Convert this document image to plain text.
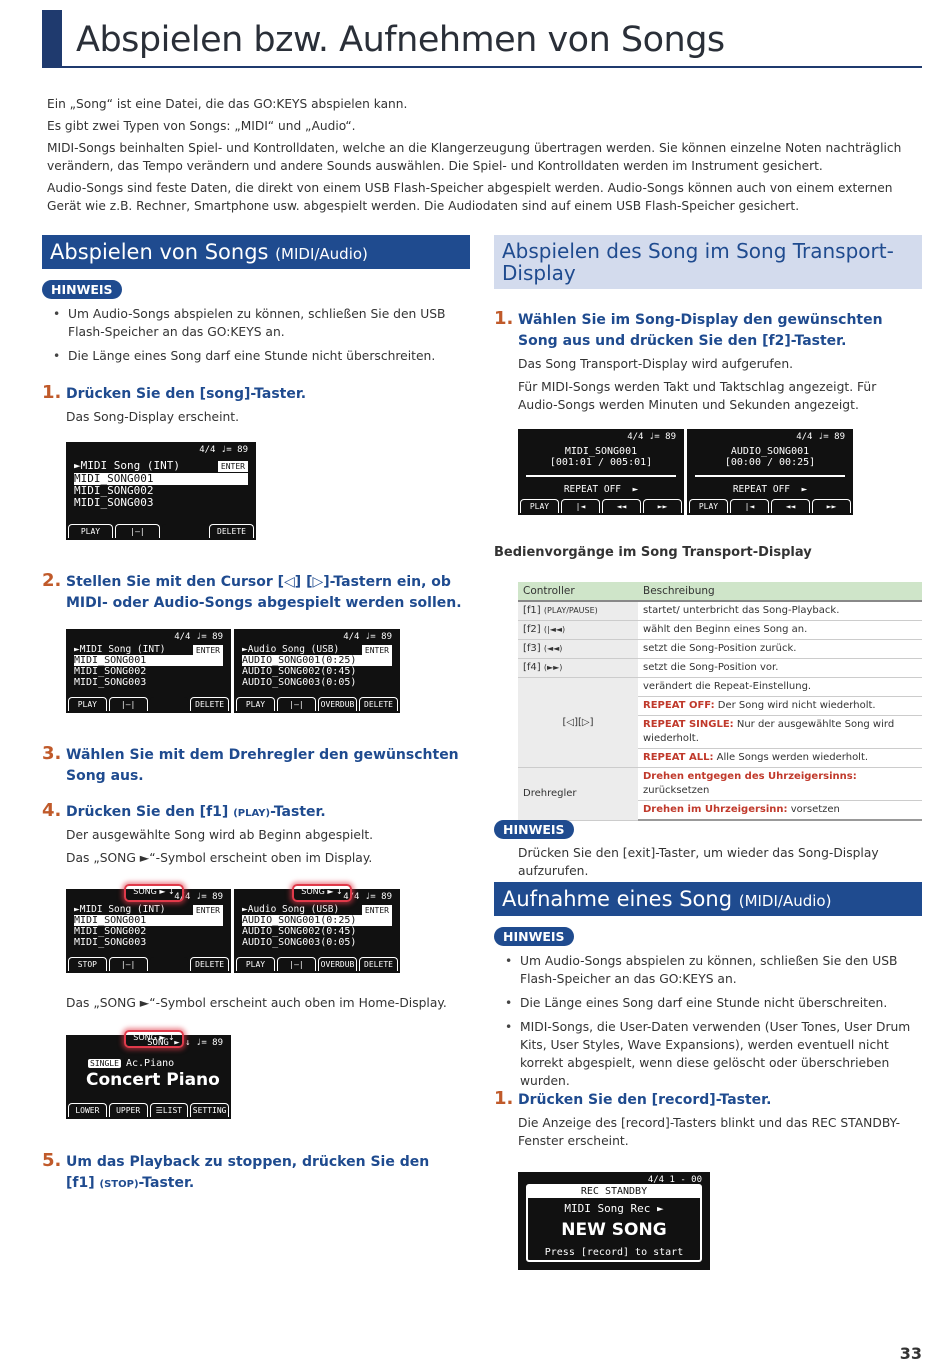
Abspielen bzw. Aufnehmen von Songs

Ein „Song“ ist eine Datei, die das GO:KEYS abspielen kann.

Es gibt zwei Typen von Songs: „MIDI“ und „Audio“.

MIDI-Songs beinhalten Spiel- und Kontrolldaten, welche an die Klangerzeugung übertragen werden. Sie können einzelne Noten nachträglich verändern, das Tempo verändern und andere Sounds auswählen. Die Spiel- und Kontrolldaten werden im Instrument gesichert.

Audio-Songs sind feste Daten, die direkt von einem USB Flash-Speicher abgespielt werden. Audio-Songs können auch von einem externen Gerät wie z.B. Rechner, Smartphone usw. abgespielt werden. Die Audiodaten sind auf einem USB Flash-Speicher gesichert.

Abspielen von Songs (MIDI/Audio)
HINWEIS
• Um Audio-Songs abspielen zu können, schließen Sie den USB Flash-Speicher an das GO:KEYS an.
• Die Länge eines Song darf eine Stunde nicht überschreiten.
1. Drücken Sie den [song]-Taster.
Das Song-Display erscheint.
4/4 ♩= 89
►MIDI Song (INT)	ENTER
MIDI_SONG001
MIDI_SONG002
MIDI_SONG003
PLAY	|—|	DELETE
2. Stellen Sie mit den Cursor [◁] [▷]-Tastern ein, ob MIDI- oder Audio-Songs abgespielt werden sollen.
4/4 ♩= 89
►MIDI Song (INT)	ENTER
MIDI_SONG001
MIDI_SONG002
MIDI_SONG003
PLAY	|—|	DELETE
4/4 ♩= 89
►Audio Song (USB)	ENTER
AUDIO_SONG001(0:25)
AUDIO_SONG002(0:45)
AUDIO_SONG003(0:05)
PLAY	|—|	OVERDUB	DELETE
3. Wählen Sie mit dem Drehregler den gewünschten Song aus.
4. Drücken Sie den [f1] (PLAY)-Taster.
Der ausgewählte Song wird ab Beginn abgespielt.
Das „SONG ►“-Symbol erscheint oben im Display.
4/4 ♩= 89
►MIDI Song (INT)	ENTER
MIDI_SONG001
MIDI_SONG002
MIDI_SONG003
STOP	|—|	DELETE
SONG ► ↓
4/4 ♩= 89
►Audio Song (USB)	ENTER
AUDIO_SONG001(0:25)
AUDIO_SONG002(0:45)
AUDIO_SONG003(0:05)
PLAY	|—|	OVERDUB	DELETE
SONG ► ↓
Das „SONG ►“-Symbol erscheint auch oben im Home-Display.
SONG ► ↓ ♩= 89
SINGLE Ac.Piano
Concert Piano
LOWER	UPPER	☰LIST	SETTING
SONG ► ↓
5. Um das Playback zu stoppen, drücken Sie den [f1] (STOP)-Taster.
Abspielen des Song im Song Transport-Display
1. Wählen Sie im Song-Display den gewünschten Song aus und drücken Sie den [f2]-Taster.
Das Song Transport-Display wird aufgerufen.
Für MIDI-Songs werden Takt und Taktschlag angezeigt. Für Audio-Songs werden Minuten und Sekunden angezeigt.
4/4 ♩= 89
MIDI_SONG001
[001:01 / 005:01]
REPEAT OFF  ►
PLAY	|◄	◄◄	►►
4/4 ♩= 89
AUDIO_SONG001
[00:00 / 00:25]
REPEAT OFF  ►
PLAY	|◄	◄◄	►►
Bedienvorgänge im Song Transport-Display
Controller	Beschreibung
[f1] (PLAY/PAUSE)	startet/ unterbricht das Song-Playback.
[f2] (|◄◄)	wählt den Beginn eines Song an.
[f3] (◄◄)	setzt die Song-Position zurück.
[f4] (►►)	setzt die Song-Position vor.
[◁][▷]	verändert die Repeat-Einstellung.
	REPEAT OFF: Der Song wird nicht wiederholt.
	REPEAT SINGLE: Nur der ausgewählte Song wird wiederholt.
	REPEAT ALL: Alle Songs werden wiederholt.
Drehregler	Drehen entgegen des Uhrzeigersinns: zurücksetzen
	Drehen im Uhrzeigersinn: vorsetzen
HINWEIS
Drücken Sie den [exit]-Taster, um wieder das Song-Display aufzurufen.
Aufnahme eines Song (MIDI/Audio)
HINWEIS
• Um Audio-Songs abspielen zu können, schließen Sie den USB Flash-Speicher an das GO:KEYS an.
• Die Länge eines Song darf eine Stunde nicht überschreiten.
• MIDI-Songs, die User-Daten verwenden (User Tones, User Drum Kits, User Styles, Wave Expansions), werden eventuell nicht korrekt abgespielt, wenn diese gelöscht oder überschrieben wurden.
1. Drücken Sie den [record]-Taster.
Die Anzeige des [record]-Tasters blinkt und das REC STANDBY-Fenster erscheint.
4/4 1 - 00
REC STANDBY
MIDI Song Rec ►
NEW SONG
Press [record] to start
33
